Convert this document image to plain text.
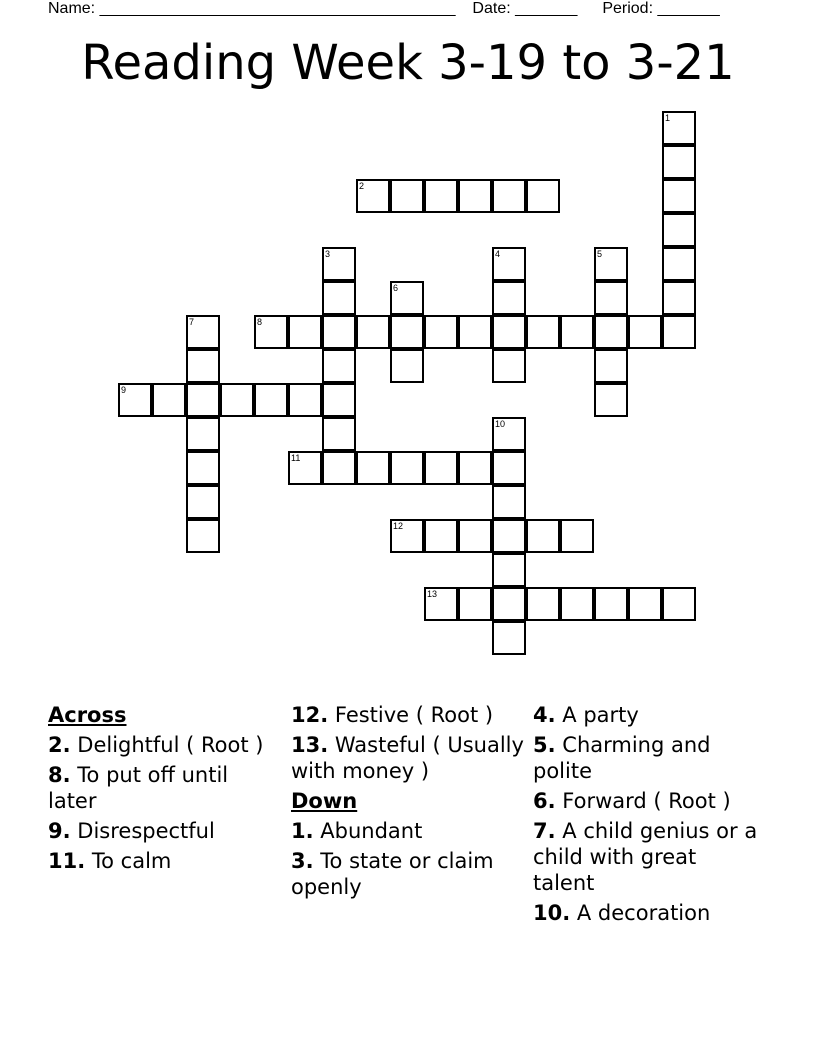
Name: ________________________________________ Date: _______ Period: _______
Reading Week 3-19 to 3-21
1
2
3	4	5
6
7	8
9
10
11
12
13
Across
2. Delightful ( Root )
8. To put off until later
9. Disrespectful
11. To calm
12. Festive ( Root )
13. Wasteful ( Usually with money )
Down
1. Abundant
3. To state or claim openly
4. A party
5. Charming and polite
6. Forward ( Root )
7. A child genius or a child with great talent
10. A decoration
